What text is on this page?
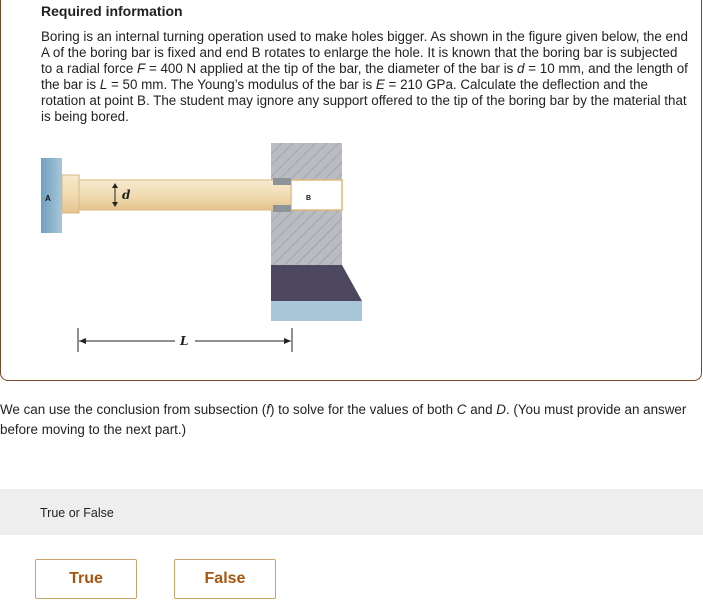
Required information

Boring is an internal turning operation used to make holes bigger. As shown in the figure given below, the end A of the boring bar is fixed and end B rotates to enlarge the hole. It is known that the boring bar is subjected to a radial force F = 400 N applied at the tip of the bar, the diameter of the bar is d = 10 mm, and the length of the bar is L = 50 mm. The Young’s modulus of the bar is E = 210 GPa. Calculate the deflection and the rotation at point B. The student may ignore any support offered to the tip of the boring bar by the material that is being bored.

A	B
d
L

We can use the conclusion from subsection (f) to solve for the values of both C and D. (You must provide an answer before moving to the next part.)

True or False
True	False
